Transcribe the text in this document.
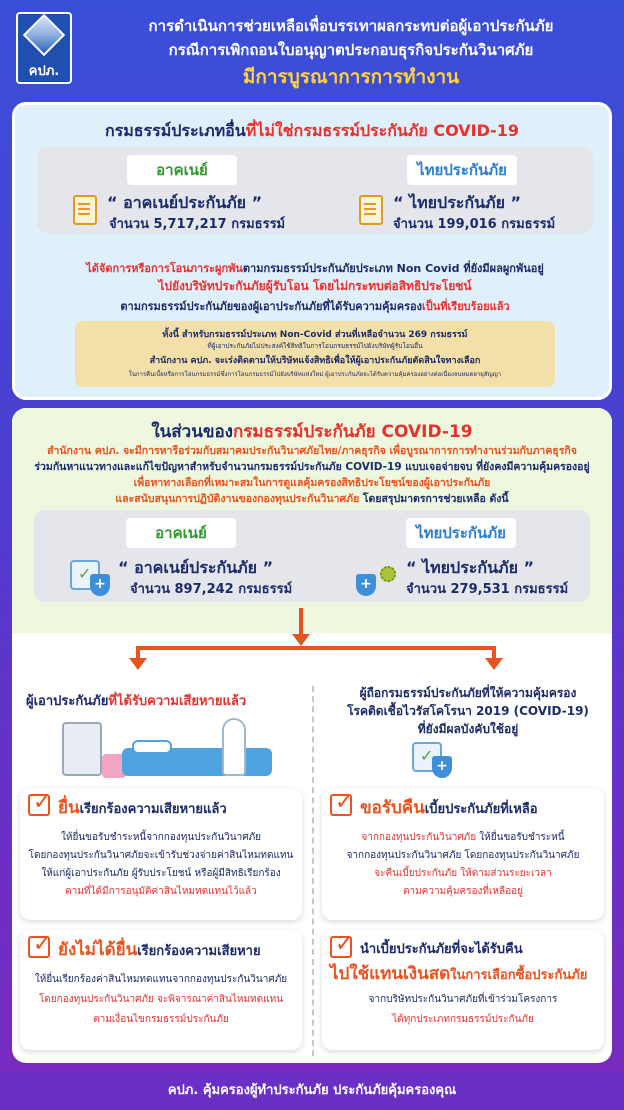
คปภ.
การดำเนินการช่วยเหลือเพื่อบรรเทาผลกระทบต่อผู้เอาประกันภัย
กรณีการเพิกถอนใบอนุญาตประกอบธุรกิจประกันวินาศภัย
มีการบูรณาการการทำงาน
กรมธรรม์ประเภทอื่นที่ไม่ใช่กรมธรรม์ประกันภัย COVID-19
อาคเนย์
“ อาคเนย์ประกันภัย ”
จำนวน 5,717,217 กรมธรรม์
ไทยประกันภัย
“ ไทยประกันภัย ”
จำนวน 199,016 กรมธรรม์
ได้จัดการหรือการโอนภาระผูกพันตามกรมธรรม์ประกันภัยประเภท Non Covid ที่ยังมีผลผูกพันอยู่
ไปยังบริษัทประกันภัยผู้รับโอน โดยไม่กระทบต่อสิทธิประโยชน์
ตามกรมธรรม์ประกันภัยของผู้เอาประกันภัยที่ได้รับความคุ้มครองเป็นที่เรียบร้อยแล้ว
ทั้งนี้ สำหรับกรมธรรม์ประเภท Non-Covid ส่วนที่เหลือจำนวน 269 กรมธรรม์
ที่ผู้เอาประกันภัยไม่ประสงค์ใช้สิทธิในการโอนกรมธรรม์ไปยังบริษัทผู้รับโอนอื่น
สำนักงาน คปภ. จะเร่งติดตามให้บริษัทแจ้งสิทธิเพื่อให้ผู้เอาประกันภัยตัดสินใจทางเลือก
ในการคืนเบี้ยหรือการโอนกรมธรรม์ซึ่งการโอนกรมธรรม์ไปยังบริษัทแห่งใหม่ ผู้เอาประกันภัยจะได้รับความคุ้มครองอย่างต่อเนื่องจนหมดอายุสัญญา
ในส่วนของกรมธรรม์ประกันภัย COVID-19
สำนักงาน คปภ. จะมีการหารือร่วมกับสมาคมประกันวินาศภัยไทย/ภาคธุรกิจ เพื่อบูรณาการการทำงานร่วมกับภาคธุรกิจ
ร่วมกันหาแนวทางและแก้ไขปัญหาสำหรับจำนวนกรมธรรม์ประกันภัย COVID-19 แบบเจอจ่ายจบ ที่ยังคงมีความคุ้มครองอยู่
เพื่อหาทางเลือกที่เหมาะสมในการดูแลคุ้มครองสิทธิประโยชน์ของผู้เอาประกันภัย
และสนับสนุนการปฏิบัติงานของกองทุนประกันวินาศภัย โดยสรุปมาตรการช่วยเหลือ ดังนี้
อาคเนย์
✓
+
“ อาคเนย์ประกันภัย ”
จำนวน 897,242 กรมธรรม์
ไทยประกันภัย
+
“ ไทยประกันภัย ”
จำนวน 279,531 กรมธรรม์
ผู้เอาประกันภัยที่ได้รับความเสียหายแล้ว
ผู้ถือกรมธรรม์ประกันภัยที่ให้ความคุ้มครอง
โรคติดเชื้อไวรัสโคโรนา 2019 (COVID-19)
ที่ยังมีผลบังคับใช้อยู่
✓
+
✓
ยื่นเรียกร้องความเสียหายแล้ว
ให้ยื่นขอรับชำระหนี้จากกองทุนประกันวินาศภัย
โดยกองทุนประกันวินาศภัยจะเข้ารับช่วงจ่ายค่าสินไหมทดแทน
ให้แก่ผู้เอาประกันภัย ผู้รับประโยชน์ หรือผู้มีสิทธิเรียกร้อง
ตามที่ได้มีการอนุมัติค่าสินไหมทดแทนไว้แล้ว
✓
ขอรับคืนเบี้ยประกันภัยที่เหลือ
จากกองทุนประกันวินาศภัย ให้ยื่นขอรับชำระหนี้
จากกองทุนประกันวินาศภัย โดยกองทุนประกันวินาศภัย
จะคืนเบี้ยประกันภัย ให้ตามส่วนระยะเวลา
ตามความคุ้มครองที่เหลืออยู่
✓
ยังไม่ได้ยื่นเรียกร้องความเสียหาย
ให้ยื่นเรียกร้องค่าสินไหมทดแทนจากกองทุนประกันวินาศภัย
โดยกองทุนประกันวินาศภัย จะพิจารณาค่าสินไหมทดแทน
ตามเงื่อนไขกรมธรรม์ประกันภัย
✓
นำเบี้ยประกันภัยที่จะได้รับคืน
ไปใช้แทนเงินสดในการเลือกซื้อประกันภัย
จากบริษัทประกันวินาศภัยที่เข้าร่วมโครงการ
ได้ทุกประเภทกรมธรรม์ประกันภัย
คปภ. คุ้มครองผู้ทำประกันภัย ประกันภัยคุ้มครองคุณ
